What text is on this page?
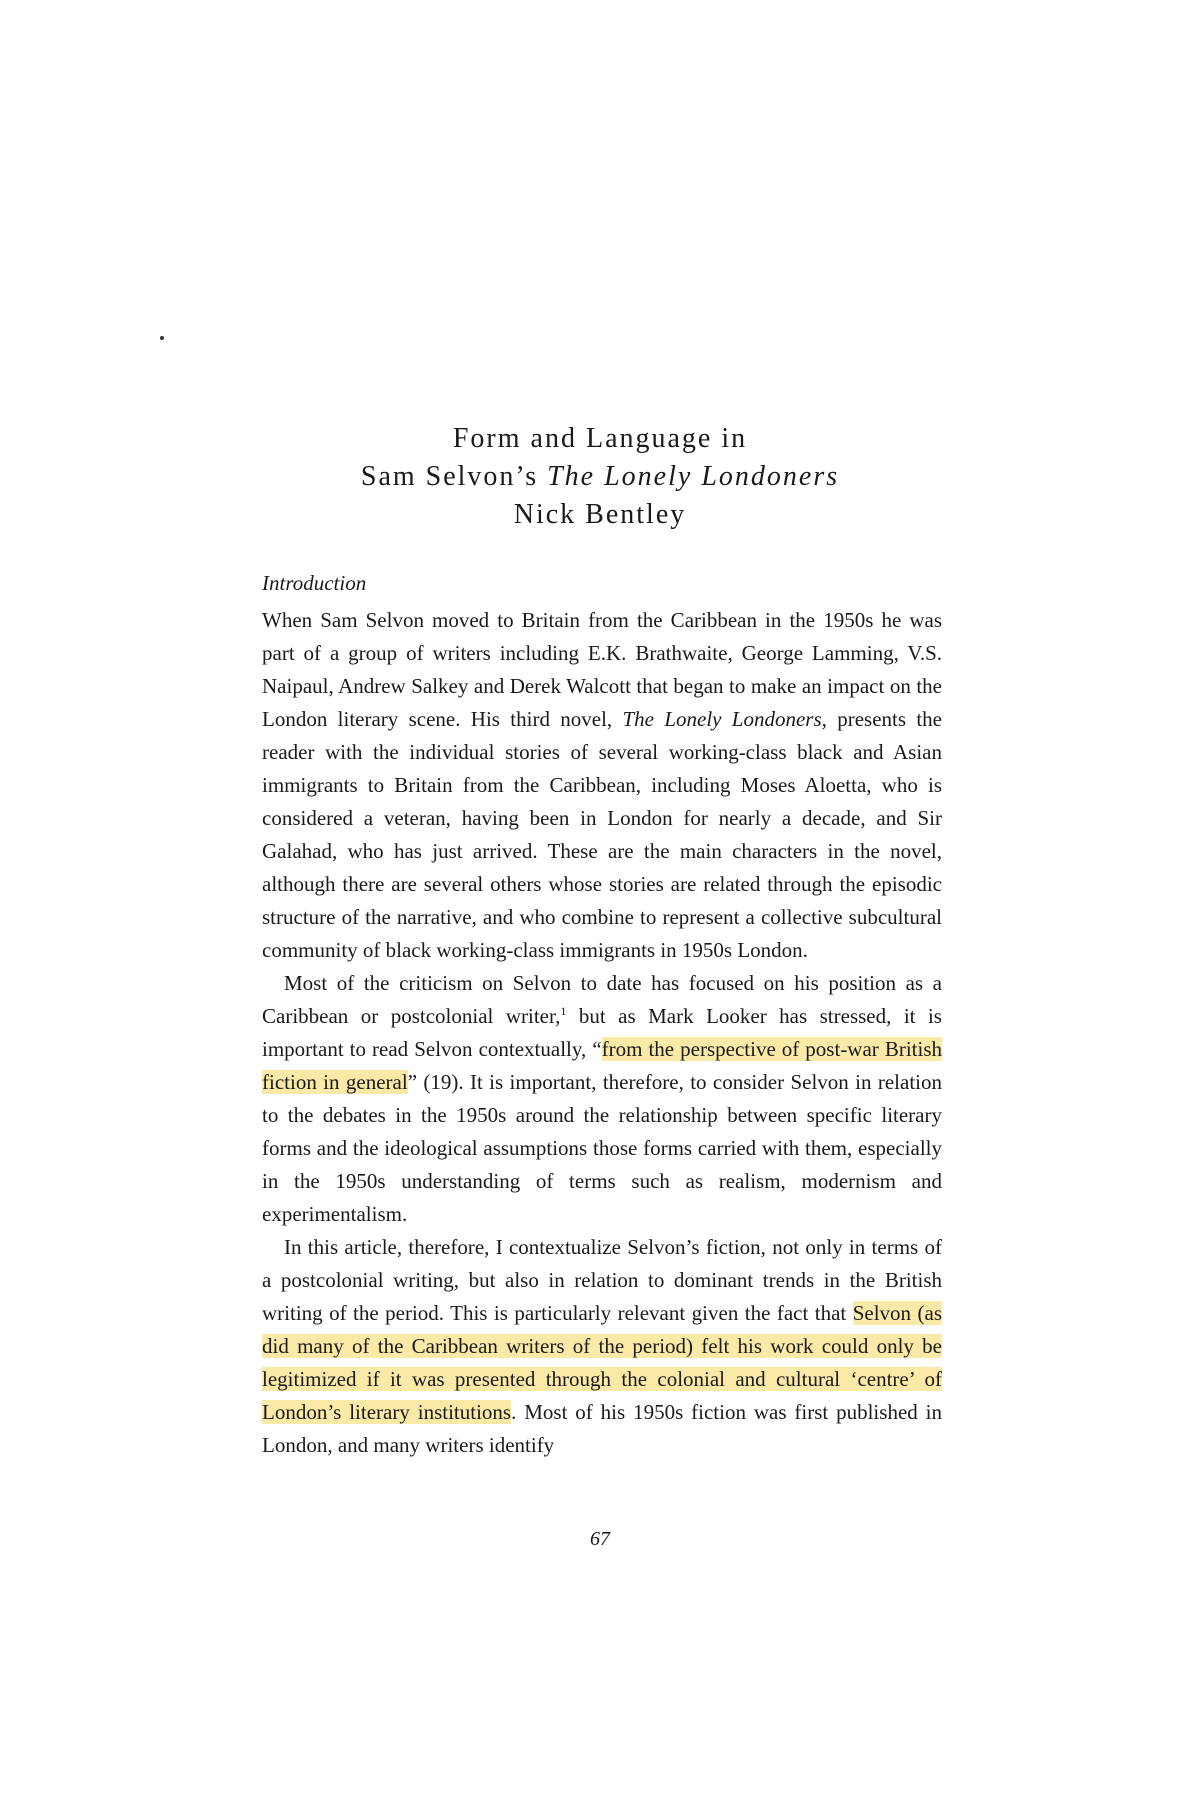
Form and Language in
Sam Selvon’s The Lonely Londoners
Nick Bentley

Introduction

When Sam Selvon moved to Britain from the Caribbean in the 1950s he was part of a group of writers including E.K. Brathwaite, George Lamming, V.S. Naipaul, Andrew Salkey and Derek Walcott that began to make an impact on the London literary scene. His third novel, The Lonely Londoners, presents the reader with the individual stories of several working-class black and Asian immigrants to Britain from the Caribbean, including Moses Aloetta, who is considered a veteran, having been in London for nearly a decade, and Sir Galahad, who has just arrived. These are the main characters in the novel, although there are several others whose stories are related through the episodic structure of the narrative, and who combine to represent a collective subcultural community of black working-class immigrants in 1950s London.

Most of the criticism on Selvon to date has focused on his position as a Caribbean or postcolonial writer,$^1$ but as Mark Looker has stressed, it is important to read Selvon contextually, “from the perspective of post-war British fiction in general” (19). It is important, therefore, to consider Selvon in relation to the debates in the 1950s around the relationship between specific literary forms and the ideological assumptions those forms carried with them, especially in the 1950s understanding of terms such as realism, modernism and experimentalism.

In this article, therefore, I contextualize Selvon’s fiction, not only in terms of a postcolonial writing, but also in relation to dominant trends in the British writing of the period. This is particularly relevant given the fact that Selvon (as did many of the Caribbean writers of the period) felt his work could only be legitimized if it was presented through the colonial and cultural ‘centre’ of London’s literary institutions. Most of his 1950s fiction was first published in London, and many writers identify

67
